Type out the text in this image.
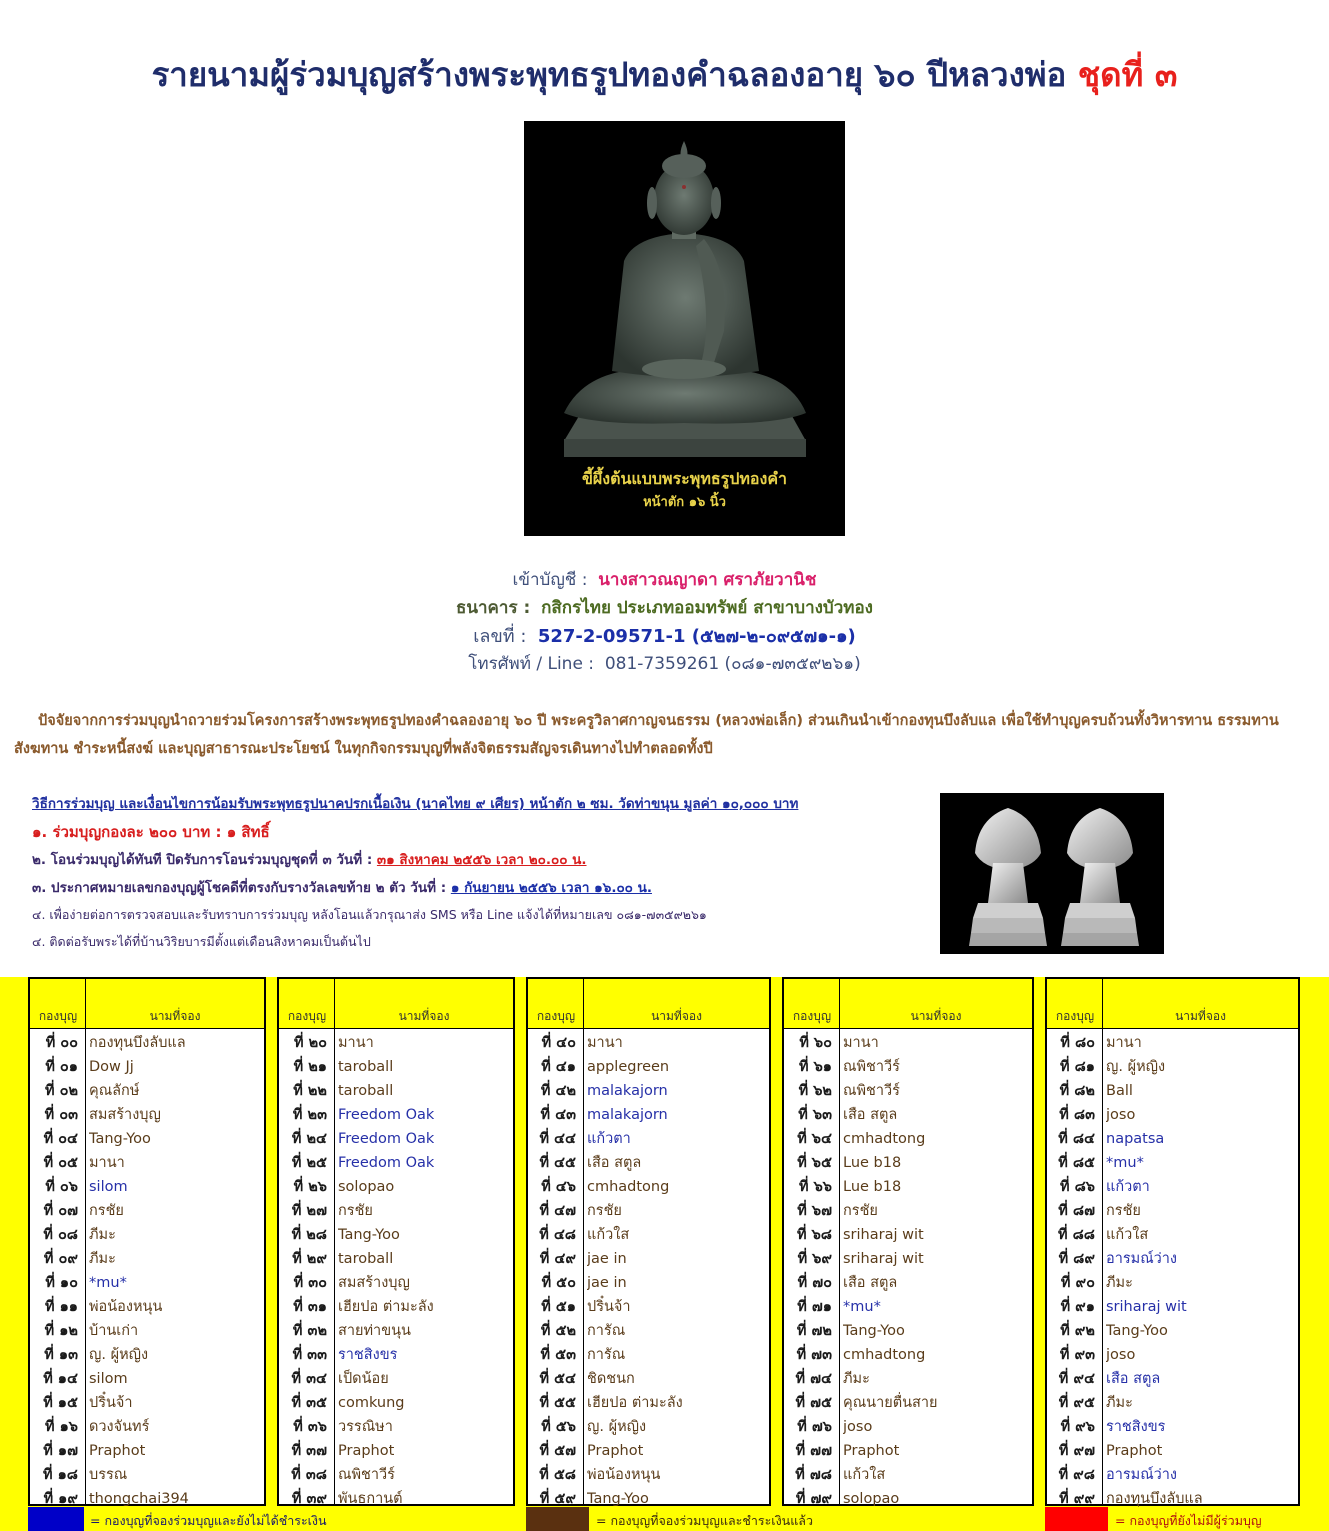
รายนามผู้ร่วมบุญสร้างพระพุทธรูปทองคำฉลองอายุ ๖๐ ปีหลวงพ่อ ชุดที่ ๓
ขี้ผึ้งต้นแบบพระพุทธรูปทองคำ
หน้าตัก ๑๖ นิ้ว
เข้าบัญชี : นางสาวณญาดา ศราภัยวานิช
ธนาคาร : กสิกรไทย ประเภทออมทรัพย์ สาขาบางบัวทอง
เลขที่ : 527-2-09571-1 (๕๒๗-๒-๐๙๕๗๑-๑)
โทรศัพท์ / Line : 081-7359261 (๐๘๑-๗๓๕๙๒๖๑)
ปัจจัยจากการร่วมบุญนำถวายร่วมโครงการสร้างพระพุทธรูปทองคำฉลองอายุ ๖๐ ปี พระครูวิลาศกาญจนธรรม (หลวงพ่อเล็ก) ส่วนเกินนำเข้ากองทุนบึงลับแล เพื่อใช้ทำบุญครบถ้วนทั้งวิหารทาน ธรรมทาน สังฆทาน ชำระหนี้สงฆ์ และบุญสาธารณะประโยชน์ ในทุกกิจกรรมบุญที่พลังจิตธรรมสัญจรเดินทางไปทำตลอดทั้งปี
วิธีการร่วมบุญ และเงื่อนไขการน้อมรับพระพุทธรูปนาคปรกเนื้อเงิน (นาคไทย ๙ เศียร) หน้าตัก ๒ ซม. วัดท่าขนุน มูลค่า ๑๐,๐๐๐ บาท
๑. ร่วมบุญกองละ ๒๐๐ บาท : ๑ สิทธิ์
๒. โอนร่วมบุญได้ทันที ปิดรับการโอนร่วมบุญชุดที่ ๓ วันที่ : ๓๑ สิงหาคม ๒๕๕๖ เวลา ๒๐.๐๐ น.
๓. ประกาศหมายเลขกองบุญผู้โชคดีที่ตรงกับรางวัลเลขท้าย ๒ ตัว วันที่ : ๑ กันยายน ๒๕๕๖ เวลา ๑๖.๐๐ น.
๔. เพื่อง่ายต่อการตรวจสอบและรับทราบการร่วมบุญ หลังโอนแล้วกรุณาส่ง SMS หรือ Line แจ้งได้ที่หมายเลข ๐๘๑-๗๓๕๙๒๖๑
๔. ติดต่อรับพระได้ที่บ้านวิริยบารมีตั้งแต่เดือนสิงหาคมเป็นต้นไป
กองบุญ	นามที่จอง
ที่ ๐๐ กองทุนบึงลับแล
ที่ ๐๑ Dow Jj
ที่ ๐๒ คุณลักษ์
ที่ ๐๓ สมสร้างบุญ
ที่ ๐๔ Tang-Yoo
ที่ ๐๕ มานา
ที่ ๐๖ silom
ที่ ๐๗ กรชัย
ที่ ๐๘ ภีมะ
ที่ ๐๙ ภีมะ
ที่ ๑๐ *mu*
ที่ ๑๑ พ่อน้องหนุน
ที่ ๑๒ บ้านเก่า
ที่ ๑๓ ญ. ผู้หญิง
ที่ ๑๔ silom
ที่ ๑๕ ปริ๋นจ้า
ที่ ๑๖ ดวงจันทร์
ที่ ๑๗ Praphot
ที่ ๑๘ บรรณ
ที่ ๑๙ thongchai394
กองบุญ	นามที่จอง
ที่ ๒๐ มานา
ที่ ๒๑ taroball
ที่ ๒๒ taroball
ที่ ๒๓ Freedom Oak
ที่ ๒๔ Freedom Oak
ที่ ๒๕ Freedom Oak
ที่ ๒๖ solopao
ที่ ๒๗ กรชัย
ที่ ๒๘ Tang-Yoo
ที่ ๒๙ taroball
ที่ ๓๐ สมสร้างบุญ
ที่ ๓๑ เฮียปอ ต่ามะลัง
ที่ ๓๒ สายท่าขนุน
ที่ ๓๓ ราชสิงขร
ที่ ๓๔ เป็ดน้อย
ที่ ๓๕ comkung
ที่ ๓๖ วรรณิษา
ที่ ๓๗ Praphot
ที่ ๓๘ ณพิชาวีร์
ที่ ๓๙ พันธกานต์
กองบุญ	นามที่จอง
ที่ ๔๐ มานา
ที่ ๔๑ applegreen
ที่ ๔๒ malakajorn
ที่ ๔๓ malakajorn
ที่ ๔๔ แก้วตา
ที่ ๔๕ เสือ สตูล
ที่ ๔๖ cmhadtong
ที่ ๔๗ กรชัย
ที่ ๔๘ แก้วใส
ที่ ๔๙ jae in
ที่ ๕๐ jae in
ที่ ๕๑ ปริ๋นจ้า
ที่ ๕๒ การัณ
ที่ ๕๓ การัณ
ที่ ๕๔ ชิดชนก
ที่ ๕๕ เฮียปอ ต่ามะลัง
ที่ ๕๖ ญ. ผู้หญิง
ที่ ๕๗ Praphot
ที่ ๕๘ พ่อน้องหนุน
ที่ ๕๙ Tang-Yoo
กองบุญ	นามที่จอง
ที่ ๖๐ มานา
ที่ ๖๑ ณพิชาวีร์
ที่ ๖๒ ณพิชาวีร์
ที่ ๖๓ เสือ สตูล
ที่ ๖๔ cmhadtong
ที่ ๖๕ Lue b18
ที่ ๖๖ Lue b18
ที่ ๖๗ กรชัย
ที่ ๖๘ sriharaj wit
ที่ ๖๙ sriharaj wit
ที่ ๗๐ เสือ สตูล
ที่ ๗๑ *mu*
ที่ ๗๒ Tang-Yoo
ที่ ๗๓ cmhadtong
ที่ ๗๔ ภีมะ
ที่ ๗๕ คุณนายตื่นสาย
ที่ ๗๖ joso
ที่ ๗๗ Praphot
ที่ ๗๘ แก้วใส
ที่ ๗๙ solopao
กองบุญ	นามที่จอง
ที่ ๘๐ มานา
ที่ ๘๑ ญ. ผู้หญิง
ที่ ๘๒ Ball
ที่ ๘๓ joso
ที่ ๘๔ napatsa
ที่ ๘๕ *mu*
ที่ ๘๖ แก้วตา
ที่ ๘๗ กรชัย
ที่ ๘๘ แก้วใส
ที่ ๘๙ อารมณ์ว่าง
ที่ ๙๐ ภีมะ
ที่ ๙๑ sriharaj wit
ที่ ๙๒ Tang-Yoo
ที่ ๙๓ joso
ที่ ๙๔ เสือ สตูล
ที่ ๙๕ ภีมะ
ที่ ๙๖ ราชสิงขร
ที่ ๙๗ Praphot
ที่ ๙๘ อารมณ์ว่าง
ที่ ๙๙ กองทุนบึงลับแล
= กองบุญที่จองร่วมบุญและยังไม่ได้ชำระเงิน	= กองบุญที่จองร่วมบุญและชำระเงินแล้ว	= กองบุญที่ยังไม่มีผู้ร่วมบุญ
